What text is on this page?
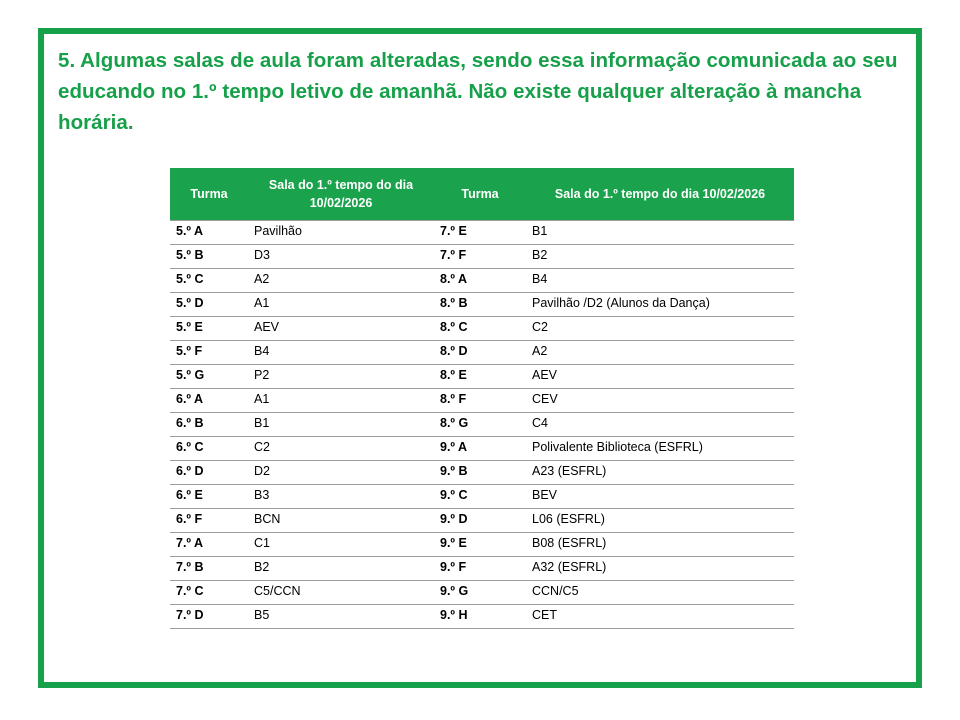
5. Algumas salas de aula foram alteradas, sendo essa informação comunicada ao seu educando no 1.º tempo letivo de amanhã. Não existe qualquer alteração à mancha horária.
Turma	Sala do 1.º tempo do dia 10/02/2026	Turma	Sala do 1.º tempo do dia 10/02/2026
5.º A	Pavilhão	7.º E	B1
5.º B	D3	7.º F	B2
5.º C	A2	8.º A	B4
5.º D	A1	8.º B	Pavilhão /D2 (Alunos da Dança)
5.º E	AEV	8.º C	C2
5.º F	B4	8.º D	A2
5.º G	P2	8.º E	AEV
6.º A	A1	8.º F	CEV
6.º B	B1	8.º G	C4
6.º C	C2	9.º A	Polivalente Biblioteca (ESFRL)
6.º D	D2	9.º B	A23 (ESFRL)
6.º E	B3	9.º C	BEV
6.º F	BCN	9.º D	L06 (ESFRL)
7.º A	C1	9.º E	B08 (ESFRL)
7.º B	B2	9.º F	A32 (ESFRL)
7.º C	C5/CCN	9.º G	CCN/C5
7.º D	B5	9.º H	CET
